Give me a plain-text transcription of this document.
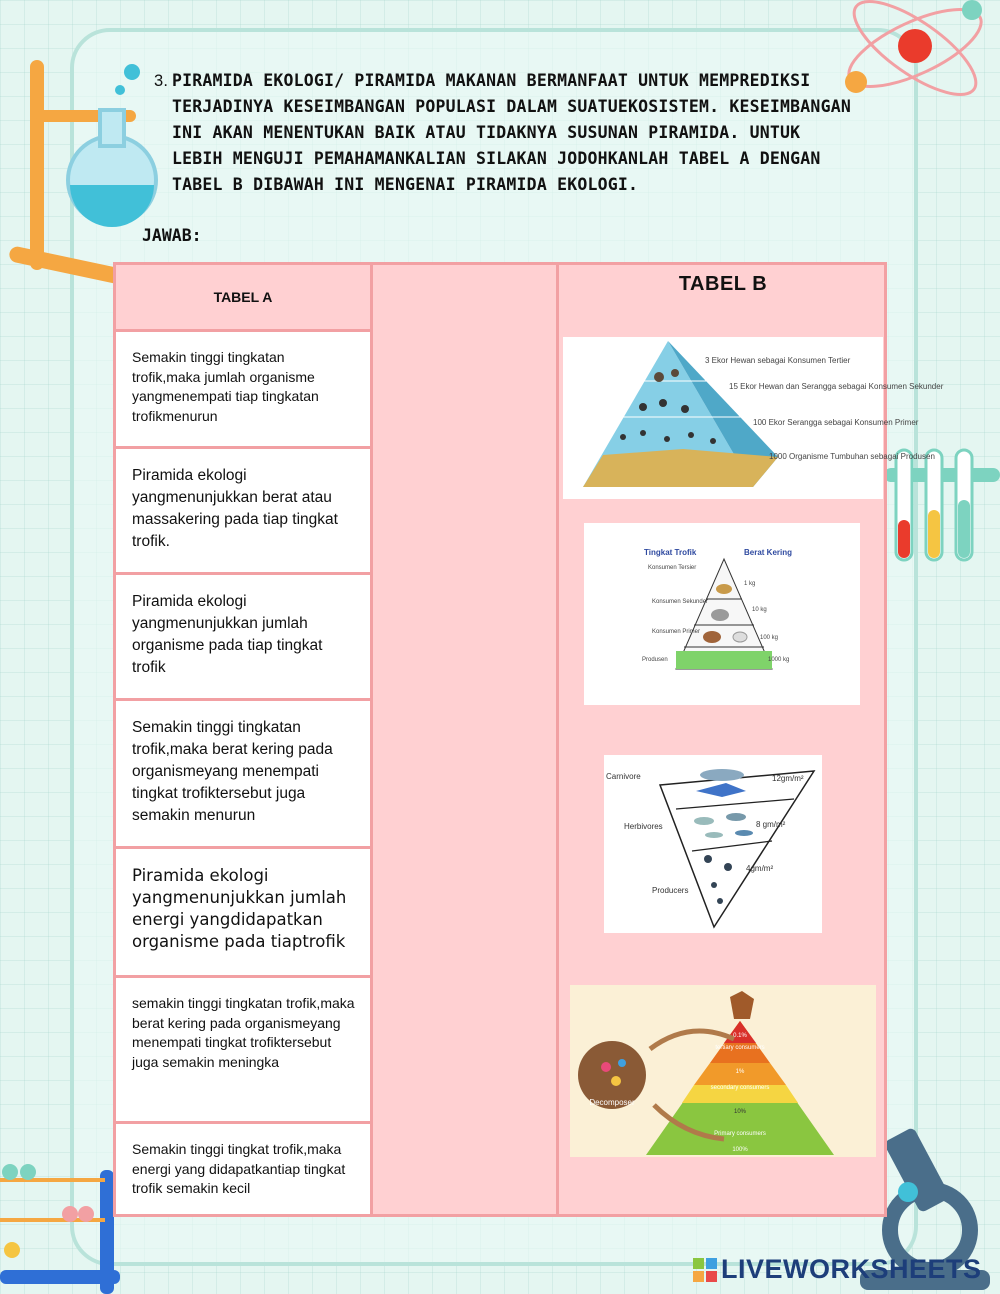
3. PIRAMIDA EKOLOGI/ PIRAMIDA MAKANAN BERMANFAAT UNTUK MEMPREDIKSI TERJADINYA KESEIMBANGAN POPULASI DALAM SUATUEKOSISTEM. KESEIMBANGAN INI AKAN MENENTUKAN BAIK ATAU TIDAKNYA SUSUNAN PIRAMIDA. UNTUK LEBIH MENGUJI PEMAHAMANKALIAN SILAKAN JODOHKANLAH TABEL A DENGAN TABEL B DIBAWAH INI MENGENAI PIRAMIDA EKOLOGI.
JAWAB:
TABEL A
TABEL B
Semakin tinggi tingkatan trofik,maka jumlah organisme yangmenempati tiap tingkatan trofikmenurun
Piramida ekologi yangmenunjukkan berat atau massakering pada tiap tingkat trofik.
Piramida ekologi yangmenunjukkan jumlah organisme pada tiap tingkat trofik
Semakin tinggi tingkatan trofik,maka berat kering pada organismeyang menempati tingkat trofiktersebut juga semakin menurun
Piramida ekologi yangmenunjukkan jumlah energi yangdidapatkan organisme pada tiaptrofik
semakin tinggi tingkatan trofik,maka berat kering pada organismeyang menempati tingkat trofiktersebut juga semakin meningka
Semakin tinggi tingkat trofik,maka energi yang didapatkantiap tingkat trofik semakin kecil
3 Ekor Hewan sebagai Konsumen Tertier
15 Ekor Hewan dan Serangga sebagai Konsumen Sekunder
100 Ekor Serangga sebagai Konsumen Primer
1000 Organisme Tumbuhan sebagai Produsen
Tingkat Trofik	Berat Kering
Konsumen Tersier
Konsumen Sekunder
Konsumen Primer
Produsen
1 kg
10 kg
100 kg
1000 kg
Carnivore
Herbivores
Producers
12gm/m²
8 gm/m²
4gm/m²
Decomposer
0.1%
tertiary consumers
1%
secondary consumers
10%
Primary consumers
100%
LIVEWORKSHEETS
